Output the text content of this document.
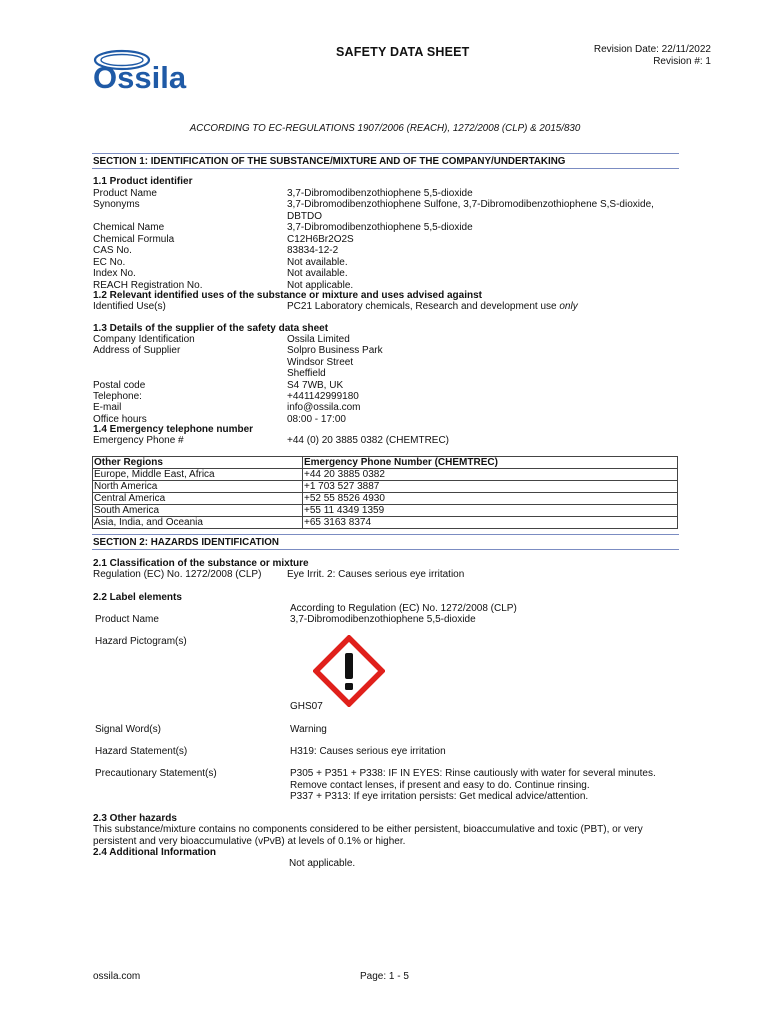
Ossila
SAFETY DATA SHEET	Revision Date: 22/11/2022
Revision #: 1
ACCORDING TO EC-REGULATIONS 1907/2006 (REACH), 1272/2008 (CLP) & 2015/830
SECTION 1: IDENTIFICATION OF THE SUBSTANCE/MIXTURE AND OF THE COMPANY/UNDERTAKING
1.1 Product identifier
Product Name	3,7-Dibromodibenzothiophene 5,5-dioxide
Synonyms	3,7-Dibromodibenzothiophene Sulfone, 3,7-Dibromodibenzothiophene S,S-dioxide,
DBTDO
Chemical Name	3,7-Dibromodibenzothiophene 5,5-dioxide
Chemical Formula	C12H6Br2O2S
CAS No.	83834-12-2
EC No.	Not available.
Index No.	Not available.
REACH Registration No.	Not applicable.
1.2 Relevant identified uses of the substance or mixture and uses advised against
Identified Use(s)	PC21 Laboratory chemicals, Research and development use only
1.3 Details of the supplier of the safety data sheet
Company Identification	Ossila Limited
Address of Supplier	Solpro Business Park
Windsor Street
Sheffield
Postal code	S4 7WB, UK
Telephone:	+441142999180
E-mail	info@ossila.com
Office hours	08:00 - 17:00
1.4 Emergency telephone number
Emergency Phone #	+44 (0) 20 3885 0382 (CHEMTREC)
Other Regions	Emergency Phone Number (CHEMTREC)
Europe, Middle East, Africa	+44 20 3885 0382
North America	+1 703 527 3887
Central America	+52 55 8526 4930
South America	+55 11 4349 1359
Asia, India, and Oceania	+65 3163 8374
SECTION 2: HAZARDS IDENTIFICATION
2.1 Classification of the substance or mixture
Regulation (EC) No. 1272/2008 (CLP)	Eye Irrit. 2: Causes serious eye irritation
2.2 Label elements
According to Regulation (EC) No. 1272/2008 (CLP)
Product Name	3,7-Dibromodibenzothiophene 5,5-dioxide
Hazard Pictogram(s)
GHS07
Signal Word(s)	Warning
Hazard Statement(s)	H319: Causes serious eye irritation
Precautionary Statement(s)	P305 + P351 + P338: IF IN EYES: Rinse cautiously with water for several minutes.
Remove contact lenses, if present and easy to do. Continue rinsing.
P337 + P313: If eye irritation persists: Get medical advice/attention.
2.3 Other hazards
This substance/mixture contains no components considered to be either persistent, bioaccumulative and toxic (PBT), or very
persistent and very bioaccumulative (vPvB) at levels of 0.1% or higher.
2.4 Additional Information
Not applicable.
ossila.com	Page: 1 - 5
